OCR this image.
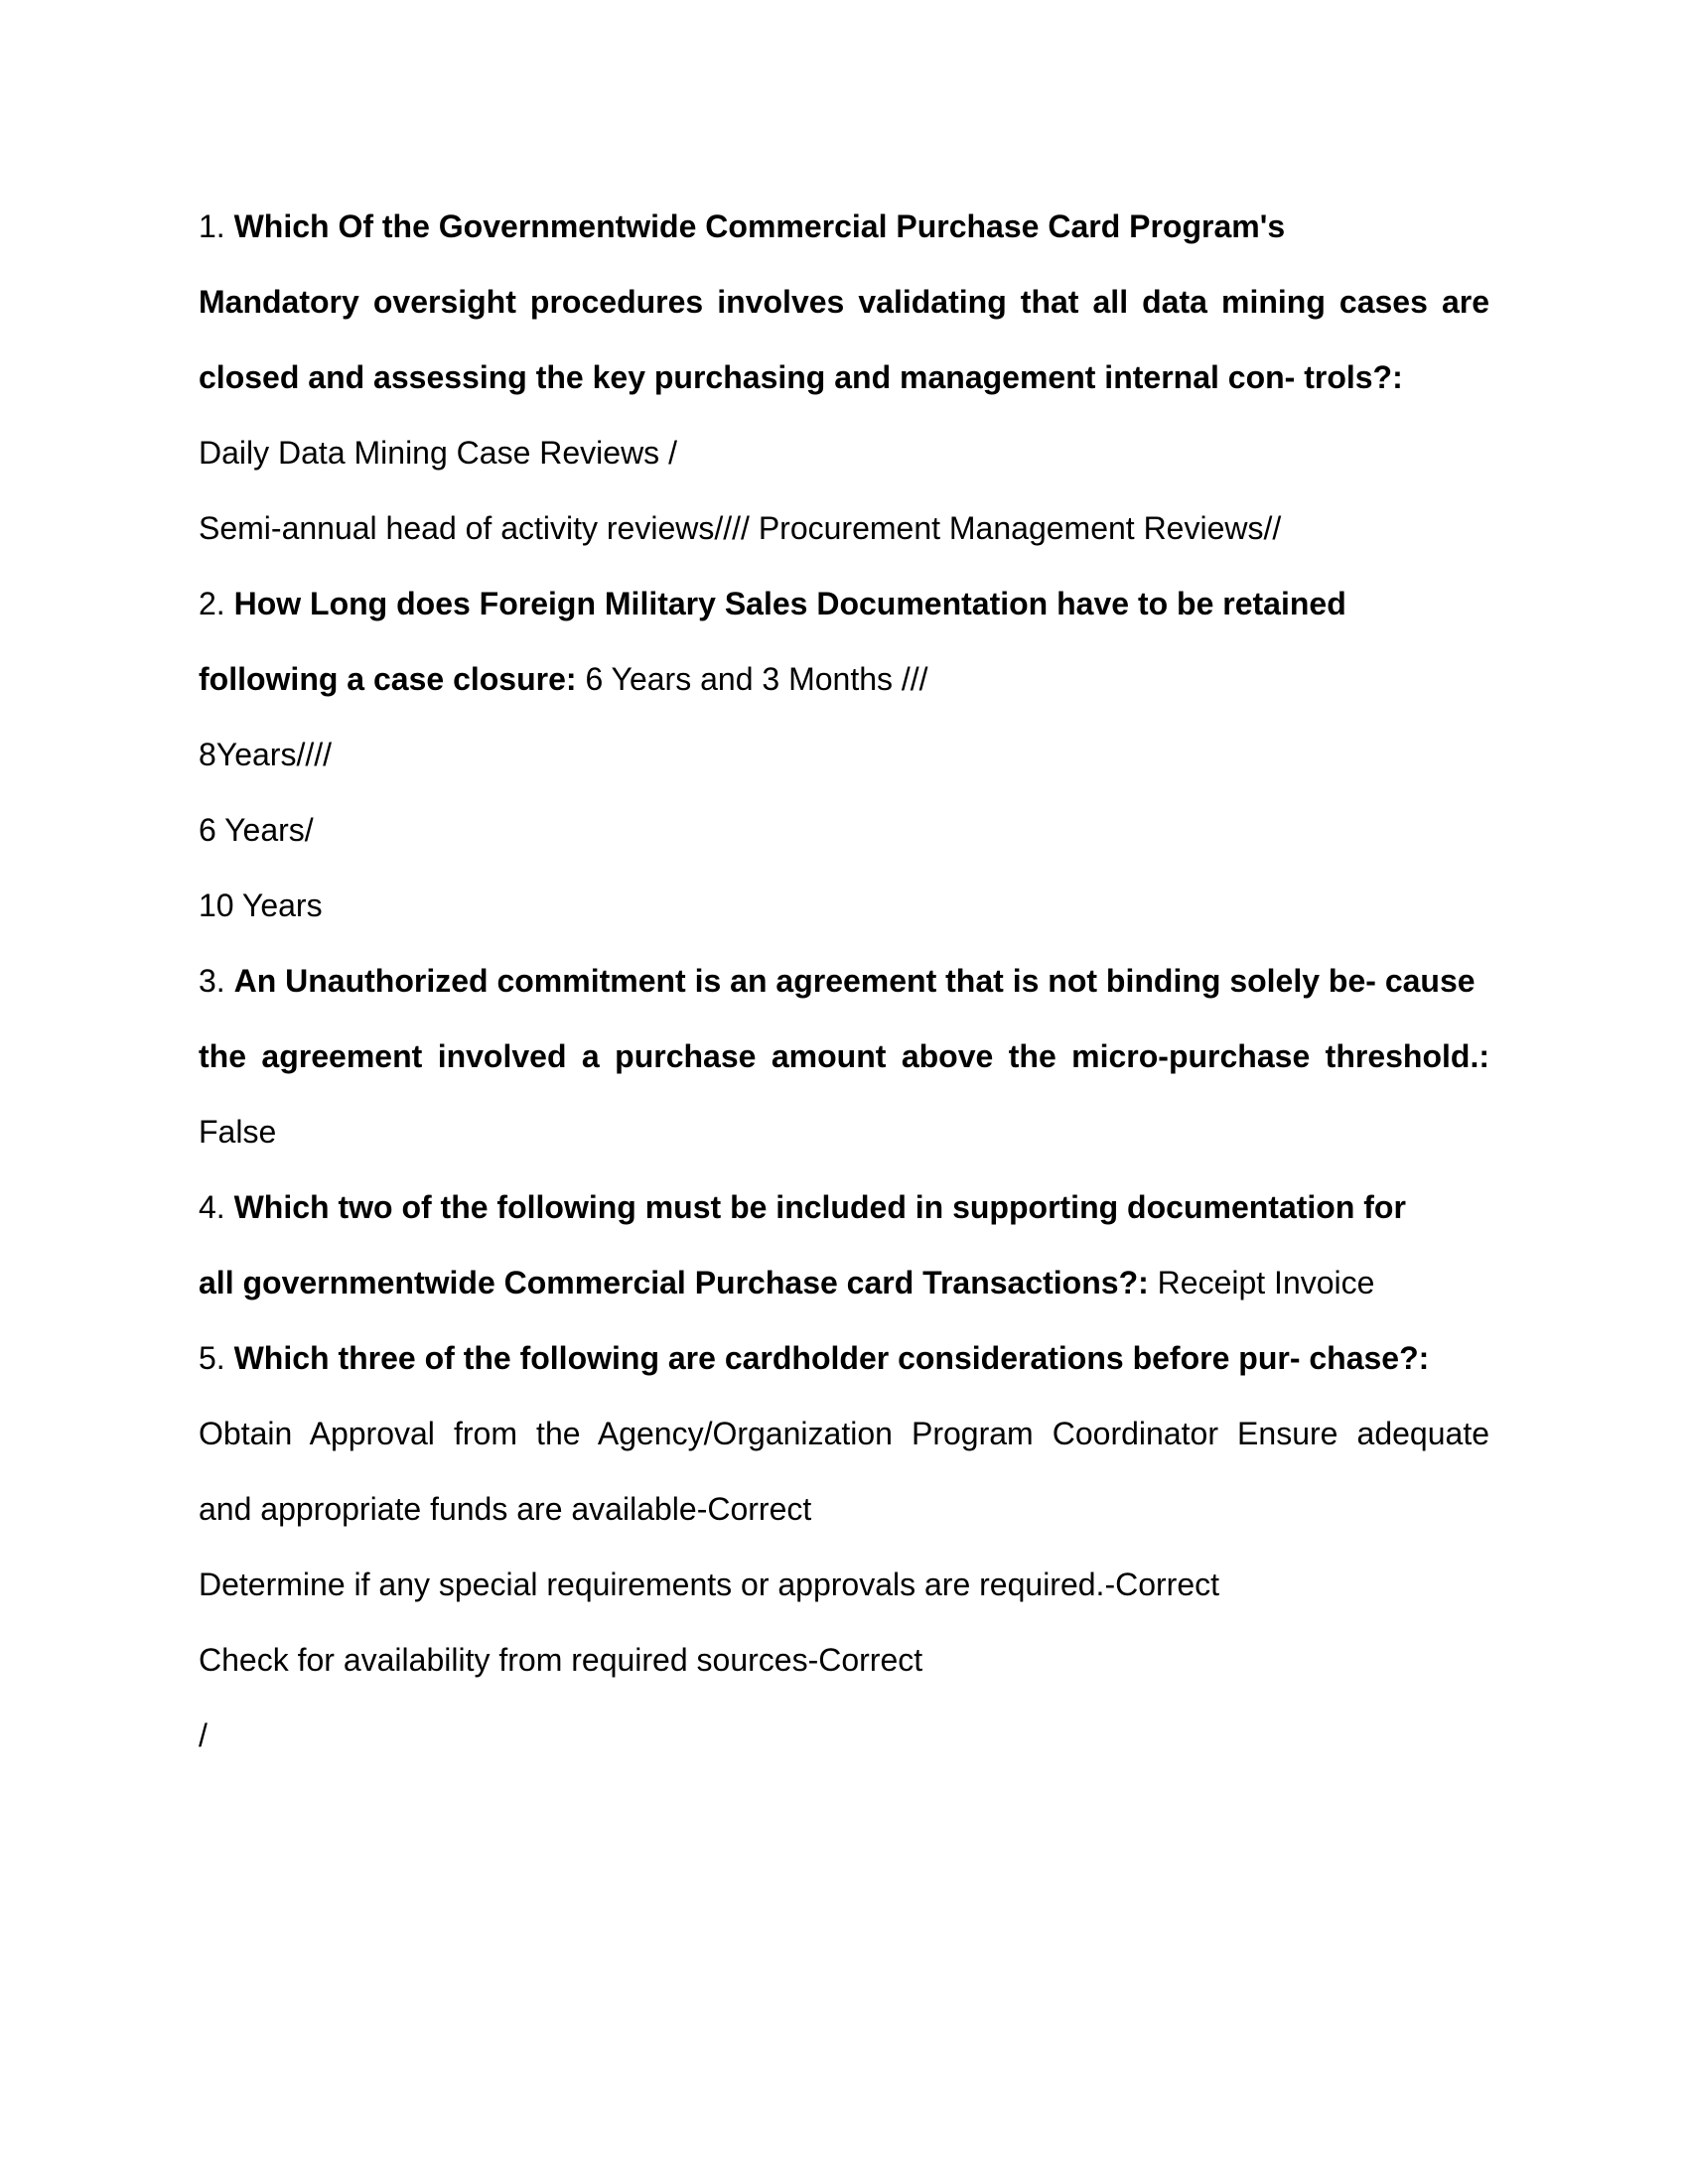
1. Which Of the Governmentwide Commercial Purchase Card Program's
Mandatory oversight procedures involves validating that all data mining cases are
closed and assessing the key purchasing and management internal con- trols?:
Daily Data Mining Case Reviews /
Semi-annual head of activity reviews//// Procurement Management Reviews//
2. How Long does Foreign Military Sales Documentation have to be retained
following a case closure: 6 Years and 3 Months ///
8Years////
6 Years/
10 Years
3. An Unauthorized commitment is an agreement that is not binding solely be- cause
the agreement involved a purchase amount above the micro-purchase threshold.:
False
4. Which two of the following must be included in supporting documentation for
all governmentwide Commercial Purchase card Transactions?: Receipt Invoice
5. Which three of the following are cardholder considerations before pur- chase?:
Obtain Approval from the Agency/Organization Program Coordinator Ensure adequate
and appropriate funds are available-Correct
Determine if any special requirements or approvals are required.-Correct
Check for availability from required sources-Correct
/
